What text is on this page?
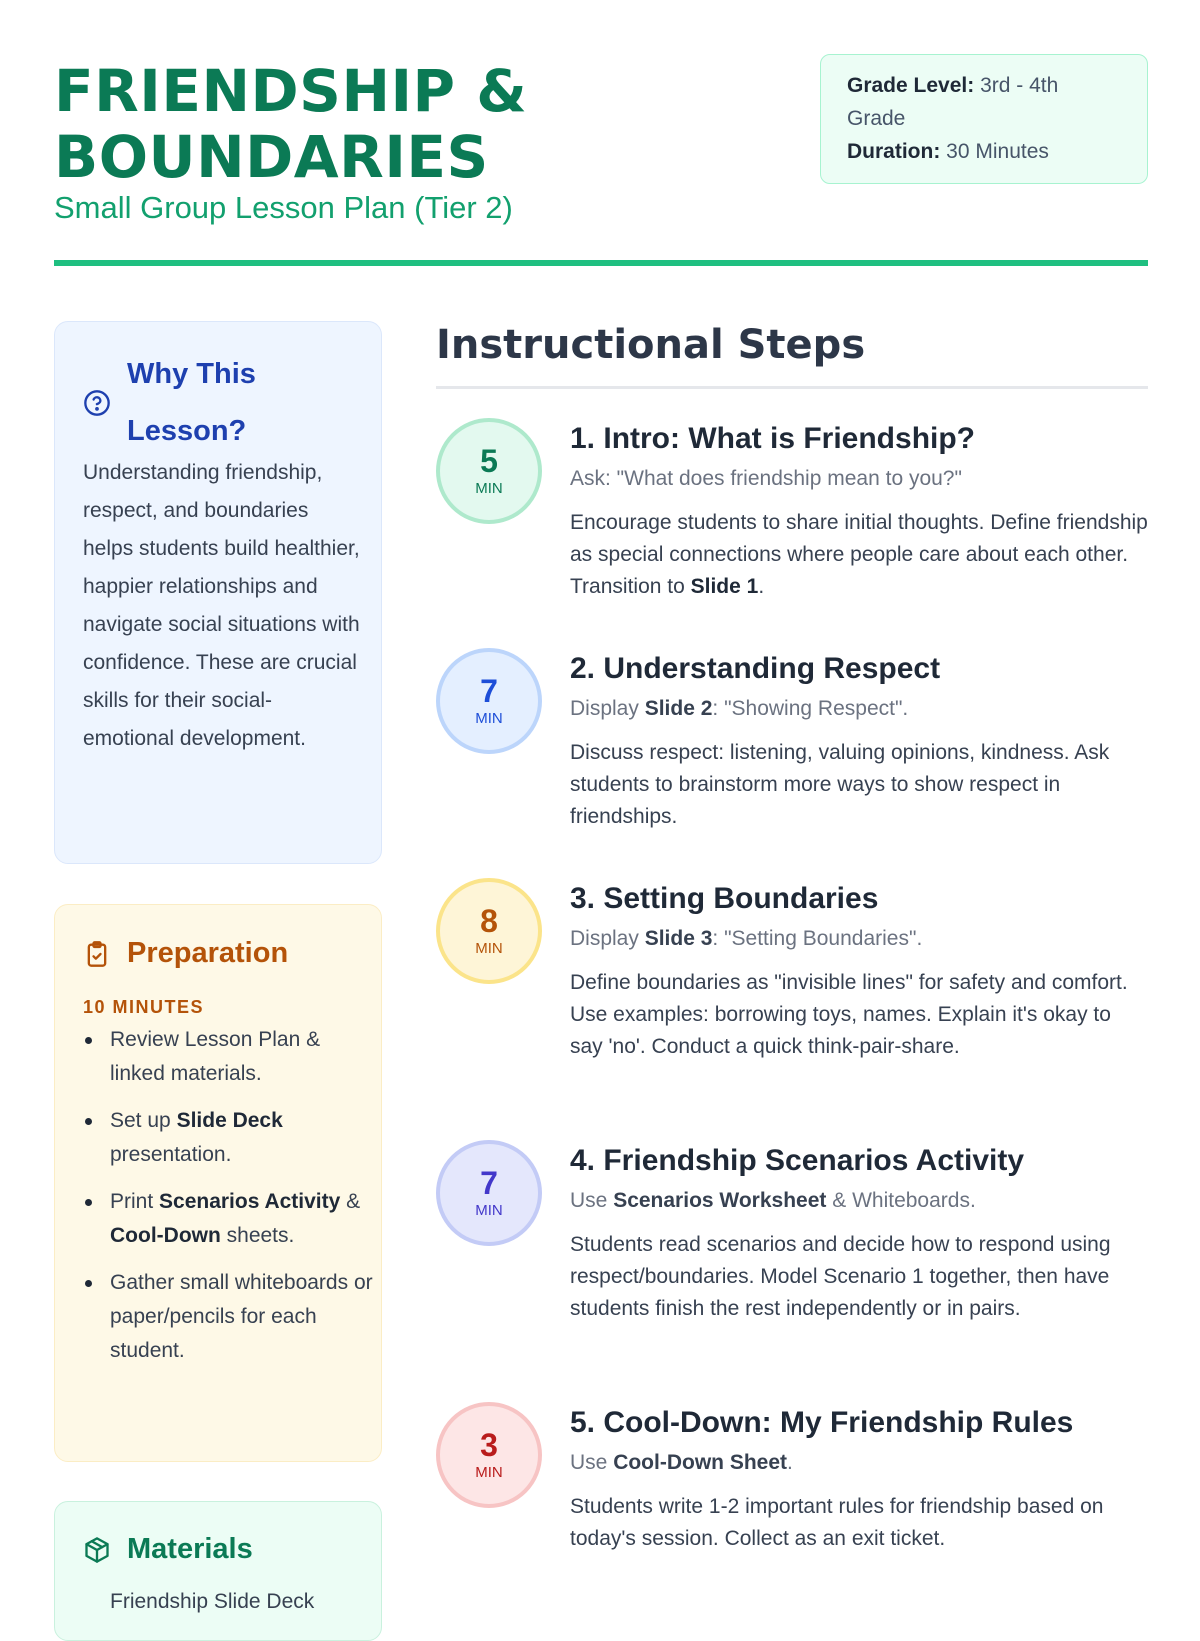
FRIENDSHIP & BOUNDARIES
Small Group Lesson Plan (Tier 2)
Grade Level: 3rd - 4th Grade
Duration: 30 Minutes
Why This Lesson?

Understanding friendship, respect, and boundaries helps students build healthier, happier relationships and navigate social situations with confidence. These are crucial skills for their social-emotional development.

Preparation
10 MINUTES
Review Lesson Plan & linked materials.
Set up Slide Deck presentation.
Print Scenarios Activity & Cool-Down sheets.
Gather small whiteboards or paper/pencils for each student.
Materials
Friendship Slide Deck
Instructional Steps
5
MIN
1. Intro: What is Friendship?
Ask: "What does friendship mean to you?"
Encourage students to share initial thoughts. Define friendship as special connections where people care about each other. Transition to Slide 1.
7
MIN
2. Understanding Respect
Display Slide 2: "Showing Respect".
Discuss respect: listening, valuing opinions, kindness. Ask students to brainstorm more ways to show respect in friendships.
8
MIN
3. Setting Boundaries
Display Slide 3: "Setting Boundaries".
Define boundaries as "invisible lines" for safety and comfort. Use examples: borrowing toys, names. Explain it's okay to say 'no'. Conduct a quick think-pair-share.
7
MIN
4. Friendship Scenarios Activity
Use Scenarios Worksheet & Whiteboards.
Students read scenarios and decide how to respond using respect/boundaries. Model Scenario 1 together, then have students finish the rest independently or in pairs.
3
MIN
5. Cool-Down: My Friendship Rules
Use Cool-Down Sheet.
Students write 1-2 important rules for friendship based on today's session. Collect as an exit ticket.
